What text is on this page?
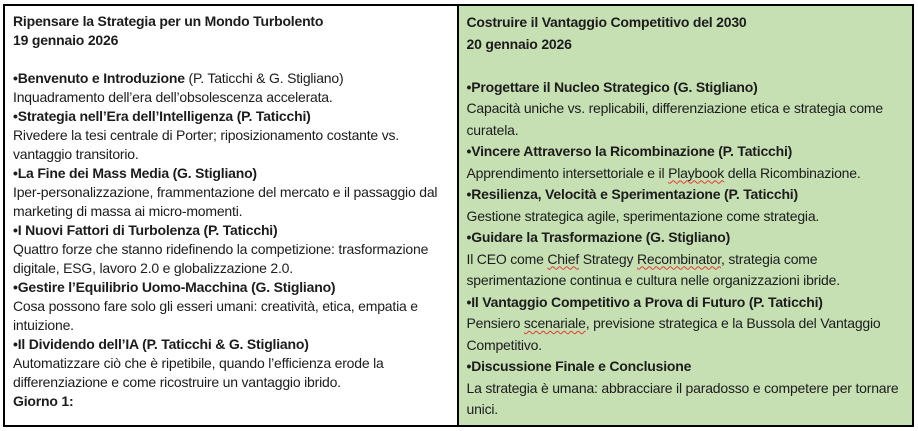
Ripensare la Strategia per un Mondo Turbolento
19 gennaio 2026

•Benvenuto e Introduzione (P. Taticchi & G. Stigliano)

Inquadramento dell’era dell’obsolescenza accelerata.

•Strategia nell’Era dell’Intelligenza (P. Taticchi)

Rivedere la tesi centrale di Porter; riposizionamento costante vs. vantaggio transitorio.

•La Fine dei Mass Media (G. Stigliano)

Iper-personalizzazione, frammentazione del mercato e il passaggio dal marketing di massa ai micro-momenti.

•I Nuovi Fattori di Turbolenza (P. Taticchi)

Quattro forze che stanno ridefinendo la competizione: trasformazione digitale, ESG, lavoro 2.0 e globalizzazione 2.0.

•Gestire l’Equilibrio Uomo-Macchina (G. Stigliano)

Cosa possono fare solo gli esseri umani: creatività, etica, empatia e intuizione.

•Il Dividendo dell’IA (P. Taticchi & G. Stigliano)

Automatizzare ciò che è ripetibile, quando l’efficienza erode la differenziazione e come ricostruire un vantaggio ibrido.

Giorno 1:

Costruire il Vantaggio Competitivo del 2030
20 gennaio 2026

•Progettare il Nucleo Strategico (G. Stigliano)

Capacità uniche vs. replicabili, differenziazione etica e strategia come curatela.

•Vincere Attraverso la Ricombinazione (P. Taticchi)

Apprendimento intersettoriale e il Playbook della Ricombinazione.

•Resilienza, Velocità e Sperimentazione (P. Taticchi)

Gestione strategica agile, sperimentazione come strategia.

•Guidare la Trasformazione (G. Stigliano)

Il CEO come Chief Strategy Recombinator, strategia come sperimentazione continua e cultura nelle organizzazioni ibride.

•Il Vantaggio Competitivo a Prova di Futuro (P. Taticchi)

Pensiero scenariale, previsione strategica e la Bussola del Vantaggio Competitivo.

•Discussione Finale e Conclusione

La strategia è umana: abbracciare il paradosso e competere per tornare unici.
